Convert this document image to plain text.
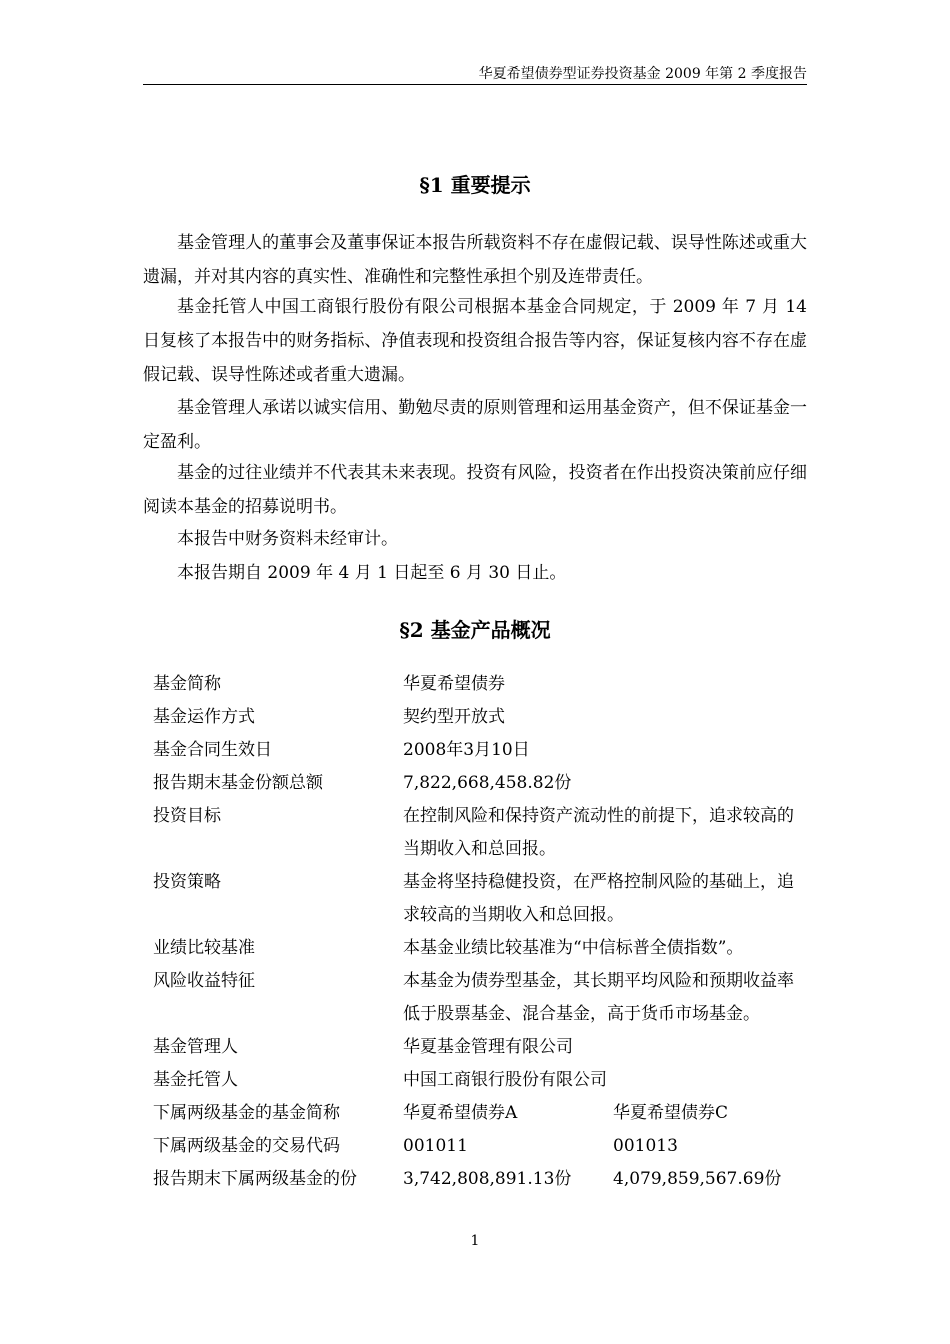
华夏希望债券型证券投资基金 2009 年第 2 季度报告
§1 重要提示

基金管理人的董事会及董事保证本报告所载资料不存在虚假记载、误导性陈述或重大遗漏，并对其内容的真实性、准确性和完整性承担个别及连带责任。

基金托管人中国工商银行股份有限公司根据本基金合同规定，于 2009 年 7 月 14 日复核了本报告中的财务指标、净值表现和投资组合报告等内容，保证复核内容不存在虚假记载、误导性陈述或者重大遗漏。

基金管理人承诺以诚实信用、勤勉尽责的原则管理和运用基金资产，但不保证基金一定盈利。

基金的过往业绩并不代表其未来表现。投资有风险，投资者在作出投资决策前应仔细阅读本基金的招募说明书。

本报告中财务资料未经审计。

本报告期自 2009 年 4 月 1 日起至 6 月 30 日止。

§2 基金产品概况
基金简称	华夏希望债券	
基金运作方式	契约型开放式	
基金合同生效日	2008年3月10日	
报告期末基金份额总额	7,822,668,458.82份	
投资目标	在控制风险和保持资产流动性的前提下，追求较高的当期收入和总回报。	
投资策略	基金将坚持稳健投资，在严格控制风险的基础上，追求较高的当期收入和总回报。	
业绩比较基准	本基金业绩比较基准为“中信标普全债指数”。	
风险收益特征	本基金为债券型基金，其长期平均风险和预期收益率低于股票基金、混合基金，高于货币市场基金。	
基金管理人	华夏基金管理有限公司	
基金托管人	中国工商银行股份有限公司	
下属两级基金的基金简称	华夏希望债券A	华夏希望债券C
下属两级基金的交易代码	001011	001013
报告期末下属两级基金的份	3,742,808,891.13份	4,079,859,567.69份
1
